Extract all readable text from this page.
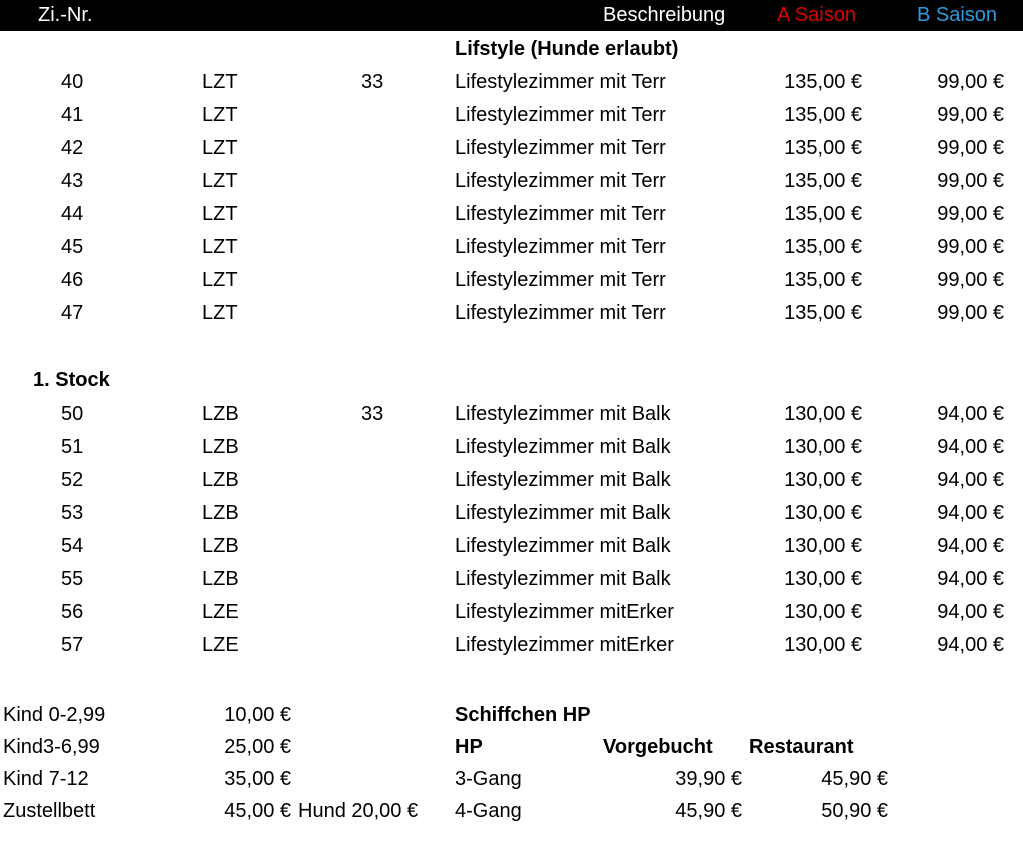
Zi.-Nr.	Beschreibung	A Saison	B Saison
Lifstyle (Hunde erlaubt)
40	LZT	33	Lifestylezimmer mit Terr	135,00 €	99,00 €
41	LZT	Lifestylezimmer mit Terr	135,00 €	99,00 €
42	LZT	Lifestylezimmer mit Terr	135,00 €	99,00 €
43	LZT	Lifestylezimmer mit Terr	135,00 €	99,00 €
44	LZT	Lifestylezimmer mit Terr	135,00 €	99,00 €
45	LZT	Lifestylezimmer mit Terr	135,00 €	99,00 €
46	LZT	Lifestylezimmer mit Terr	135,00 €	99,00 €
47	LZT	Lifestylezimmer mit Terr	135,00 €	99,00 €
1. Stock
50	LZB	33	Lifestylezimmer mit Balk	130,00 €	94,00 €
51	LZB	Lifestylezimmer mit Balk	130,00 €	94,00 €
52	LZB	Lifestylezimmer mit Balk	130,00 €	94,00 €
53	LZB	Lifestylezimmer mit Balk	130,00 €	94,00 €
54	LZB	Lifestylezimmer mit Balk	130,00 €	94,00 €
55	LZB	Lifestylezimmer mit Balk	130,00 €	94,00 €
56	LZE	Lifestylezimmer mitErker	130,00 €	94,00 €
57	LZE	Lifestylezimmer mitErker	130,00 €	94,00 €
Kind 0-2,99	10,00 €
Kind3-6,99	25,00 €
Kind 7-12	35,00 €
Zustellbett	45,00 € Hund 20,00 €
Schiffchen HP
HP	Vorgebucht Restaurant
3-Gang	39,90 €	45,90 €
4-Gang	45,90 €	50,90 €
